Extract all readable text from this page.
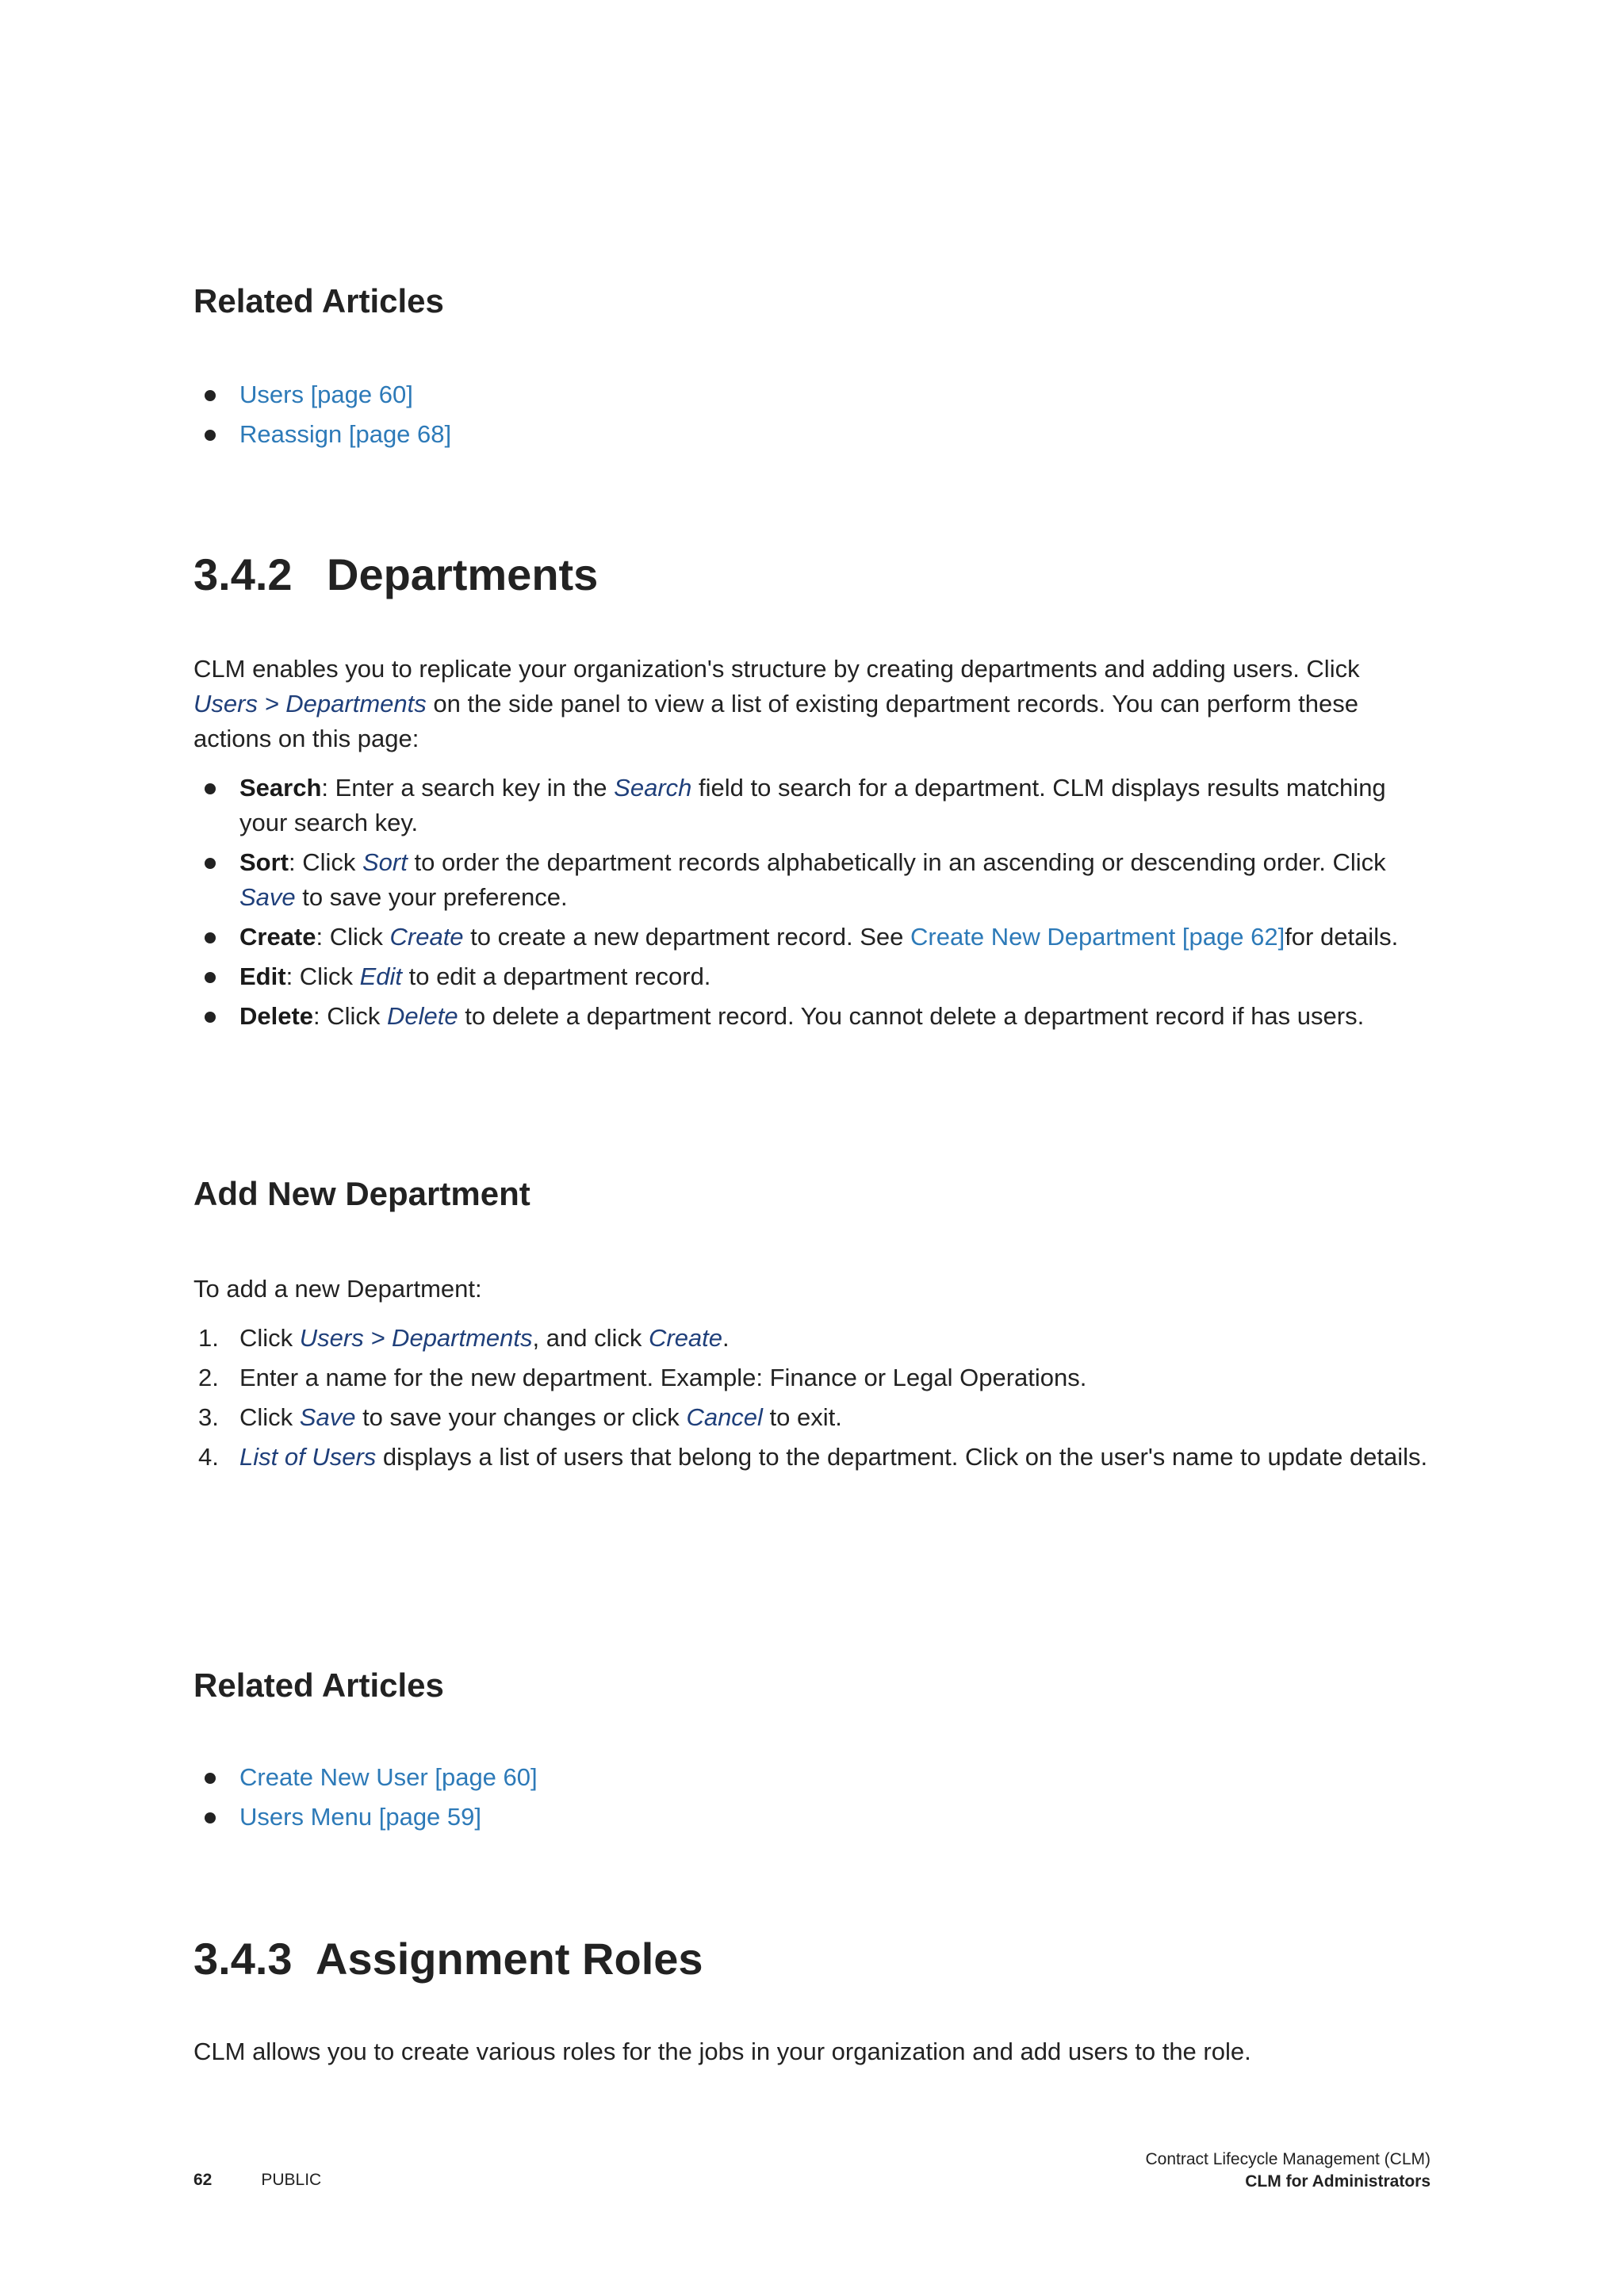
Related Articles
Users [page 60]
Reassign [page 68]
3.4.2 Departments

CLM enables you to replicate your organization's structure by creating departments and adding users. Click Users > Departments on the side panel to view a list of existing department records. You can perform these actions on this page:

Search: Enter a search key in the Search field to search for a department. CLM displays results matching your search key.
Sort: Click Sort to order the department records alphabetically in an ascending or descending order. Click Save to save your preference.
Create: Click Create to create a new department record. See Create New Department [page 62]for details.
Edit: Click Edit to edit a department record.
Delete: Click Delete to delete a department record. You cannot delete a department record if has users.
Add New Department

To add a new Department:

1. Click Users > Departments, and click Create.
2. Enter a name for the new department. Example: Finance or Legal Operations.
3. Click Save to save your changes or click Cancel to exit.
4. List of Users displays a list of users that belong to the department. Click on the user's name to update details.
Related Articles
Create New User [page 60]
Users Menu [page 59]
3.4.3 Assignment Roles

CLM allows you to create various roles for the jobs in your organization and add users to the role.

62	PUBLIC
Contract Lifecycle Management (CLM)
CLM for Administrators
